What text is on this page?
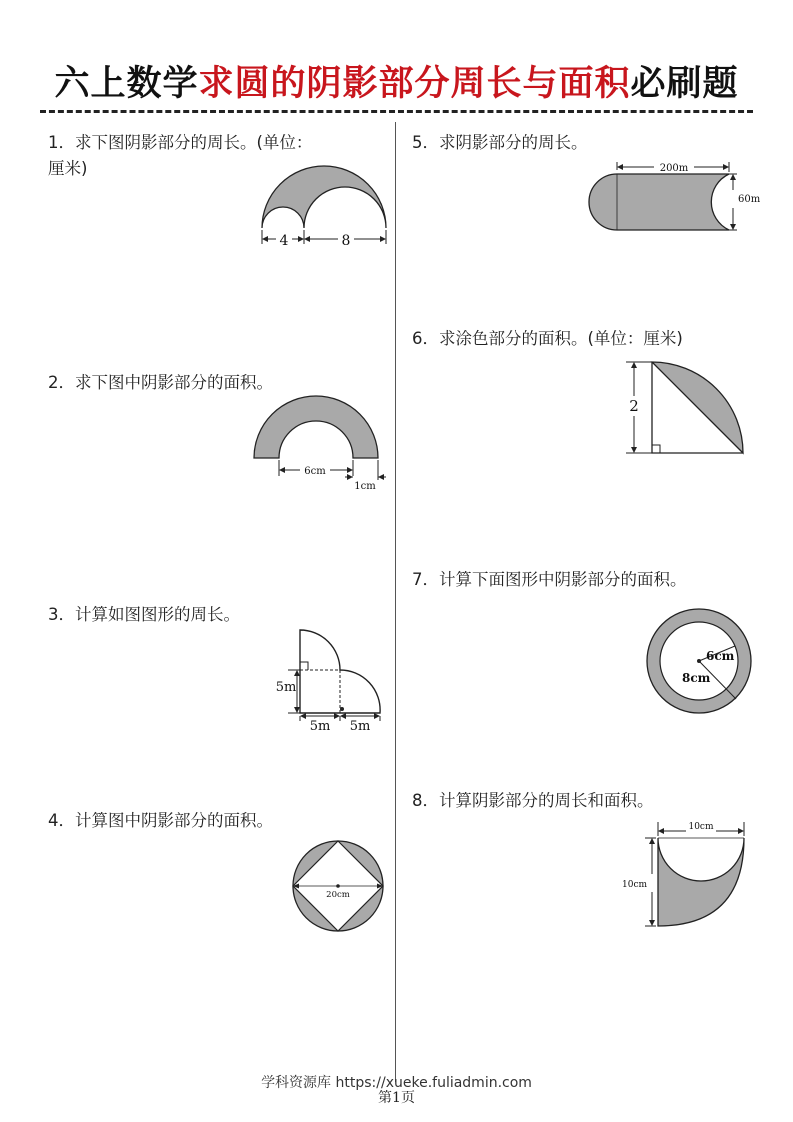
六上数学求圆的阴影部分周长与面积必刷题
1．求下图阴影部分的周长。(单位：
厘米)
4	8
2．求下图中阴影部分的面积。
6cm
1cm
3．计算如图图形的周长。
5m
5m 5m
4．计算图中阴影部分的面积。
20cm
5．求阴影部分的周长。
200m
60m
6．求涂色部分的面积。(单位：厘米)
2
7．计算下面图形中阴影部分的面积。
6cm
8cm
8．计算阴影部分的周长和面积。
10cm
10cm
学科资源库 https://xueke.fuliadmin.com
第1页
